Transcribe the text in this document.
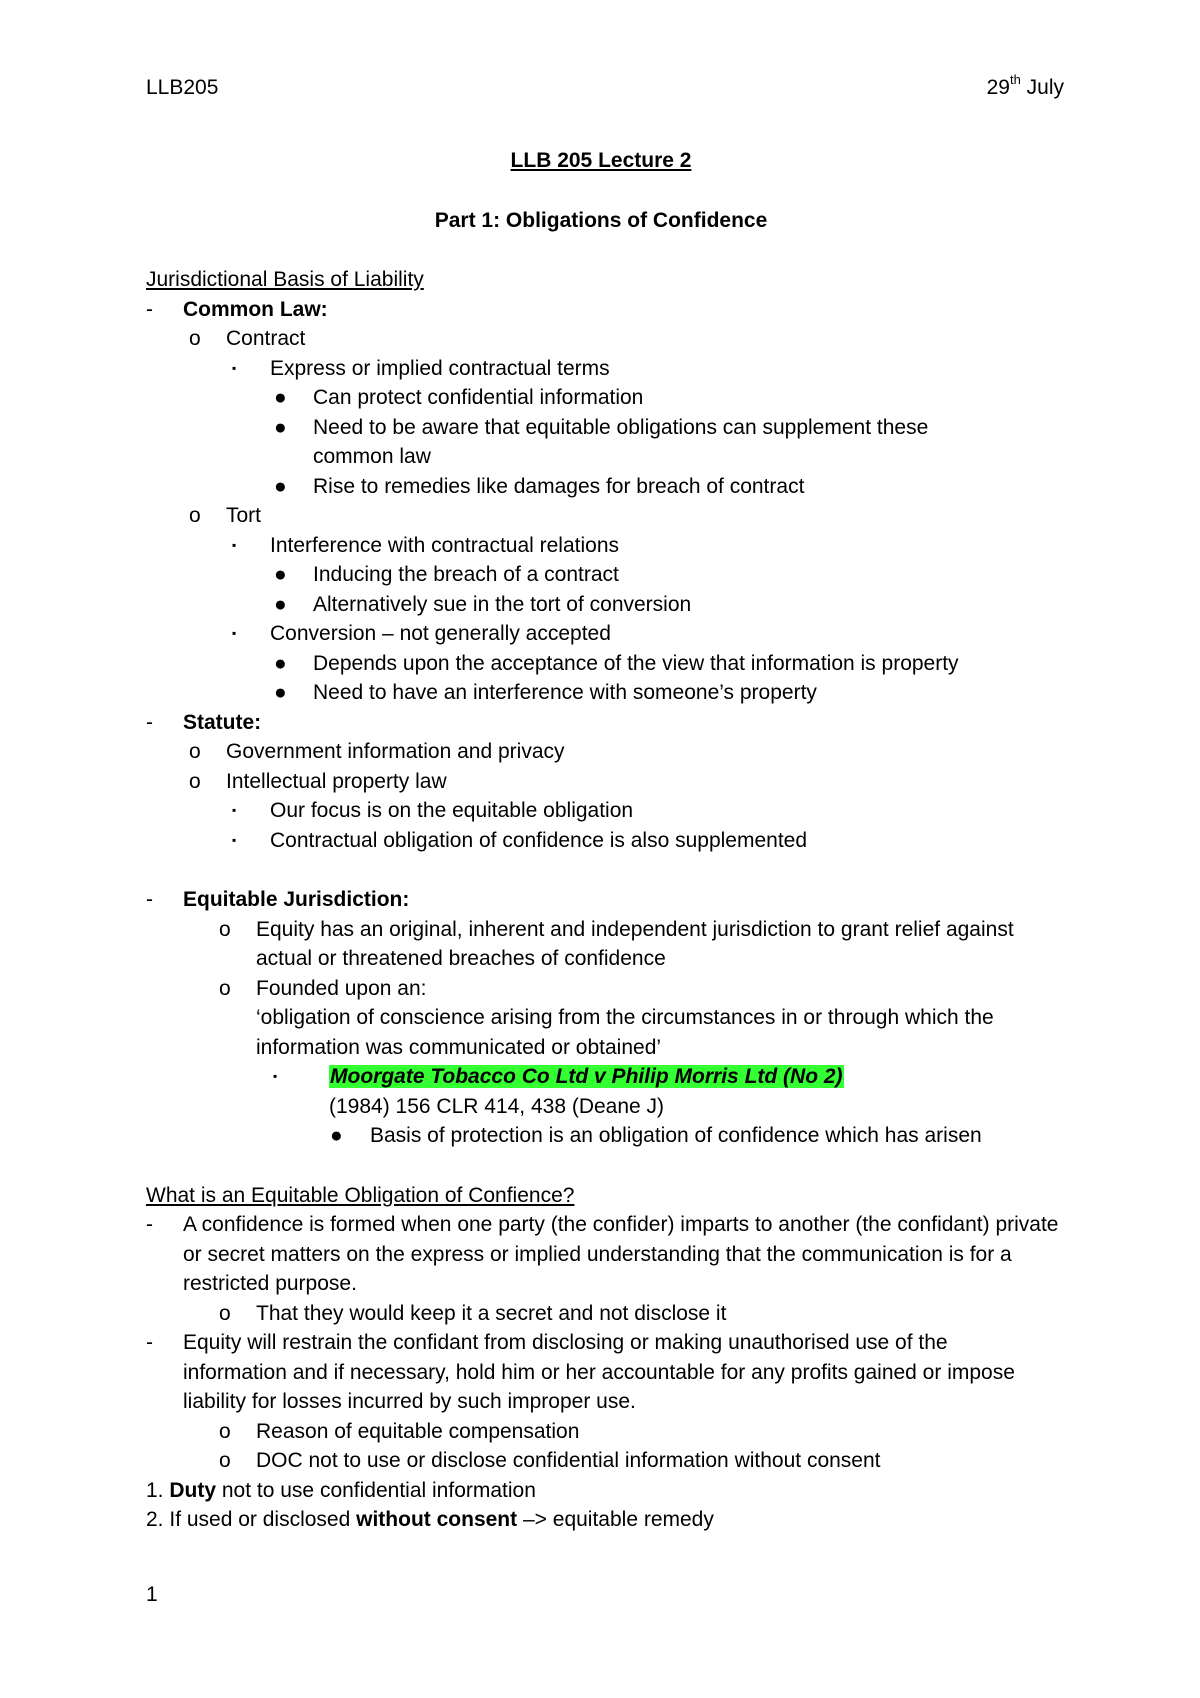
LLB205	29th July
LLB 205 Lecture 2
Part 1: Obligations of Confidence
Jurisdictional Basis of Liability
- Common Law:
o Contract
▪ Express or implied contractual terms
● Can protect confidential information
● Need to be aware that equitable obligations can supplement these common law
● Rise to remedies like damages for breach of contract
o Tort
▪ Interference with contractual relations
● Inducing the breach of a contract
● Alternatively sue in the tort of conversion
▪ Conversion – not generally accepted
● Depends upon the acceptance of the view that information is property
● Need to have an interference with someone’s property
- Statute:
o Government information and privacy
o Intellectual property law
▪ Our focus is on the equitable obligation
▪ Contractual obligation of confidence is also supplemented
- Equitable Jurisdiction:
o Equity has an original, inherent and independent jurisdiction to grant relief against actual or threatened breaches of confidence
o Founded upon an:
‘obligation of conscience arising from the circumstances in or through which the information was communicated or obtained’
▪	Moorgate Tobacco Co Ltd v Philip Morris Ltd (No 2)
(1984) 156 CLR 414, 438 (Deane J)
● Basis of protection is an obligation of confidence which has arisen
What is an Equitable Obligation of Confience?
- A confidence is formed when one party (the confider) imparts to another (the confidant) private or secret matters on the express or implied understanding that the communication is for a restricted purpose.
o That they would keep it a secret and not disclose it
- Equity will restrain the confidant from disclosing or making unauthorised use of the information and if necessary, hold him or her accountable for any profits gained or impose liability for losses incurred by such improper use.
o Reason of equitable compensation
o DOC not to use or disclose confidential information without consent
1. Duty not to use confidential information
2. If used or disclosed without consent –> equitable remedy
1
